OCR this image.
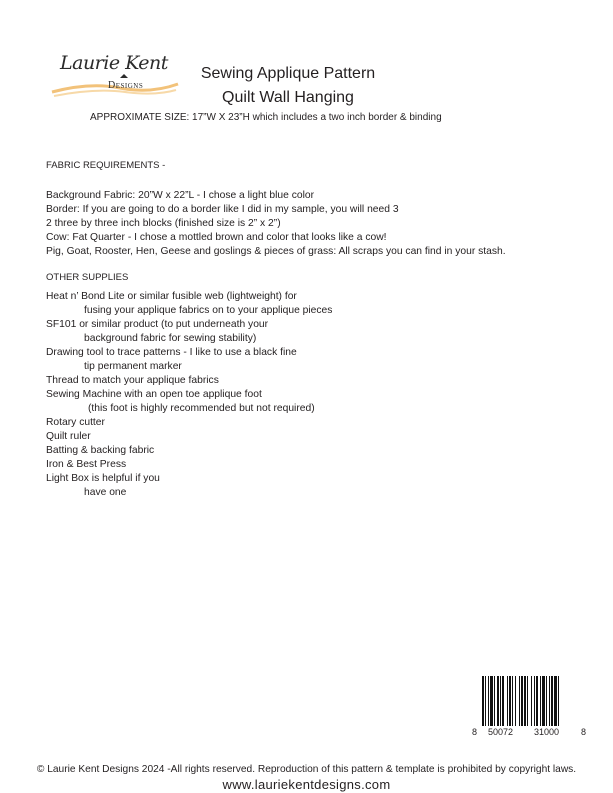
Laurie Kent
Designs
Sewing Applique Pattern
Quilt Wall Hanging
APPROXIMATE SIZE: 17”W X 23”H which includes a two inch border & binding
FABRIC REQUIREMENTS -
Background Fabric: 20”W x 22”L - I chose a light blue color
Border: If you are going to do a border like I did in my sample, you will need 3
2 three by three inch blocks (finished size is 2” x 2”)
Cow: Fat Quarter - I chose a mottled brown and color that looks like a cow!
Pig, Goat, Rooster, Hen, Geese and goslings & pieces of grass: All scraps you can find in your stash.
OTHER SUPPLIES
Heat n’ Bond Lite or similar fusible web (lightweight) for
fusing your applique fabrics on to your applique pieces
SF101 or similar product (to put underneath your
background fabric for sewing stability)
Drawing tool to trace patterns - I like to use a black fine
tip permanent marker
Thread to match your applique fabrics
Sewing Machine with an open toe applique foot
(this foot is highly recommended but not required)
Rotary cutter
Quilt ruler
Batting & backing fabric
Iron & Best Press
Light Box is helpful if you
have one
8 50072 31000 8
© Laurie Kent Designs 2024 -All rights reserved. Reproduction of this pattern & template is prohibited by copyright laws.
www.lauriekentdesigns.com
